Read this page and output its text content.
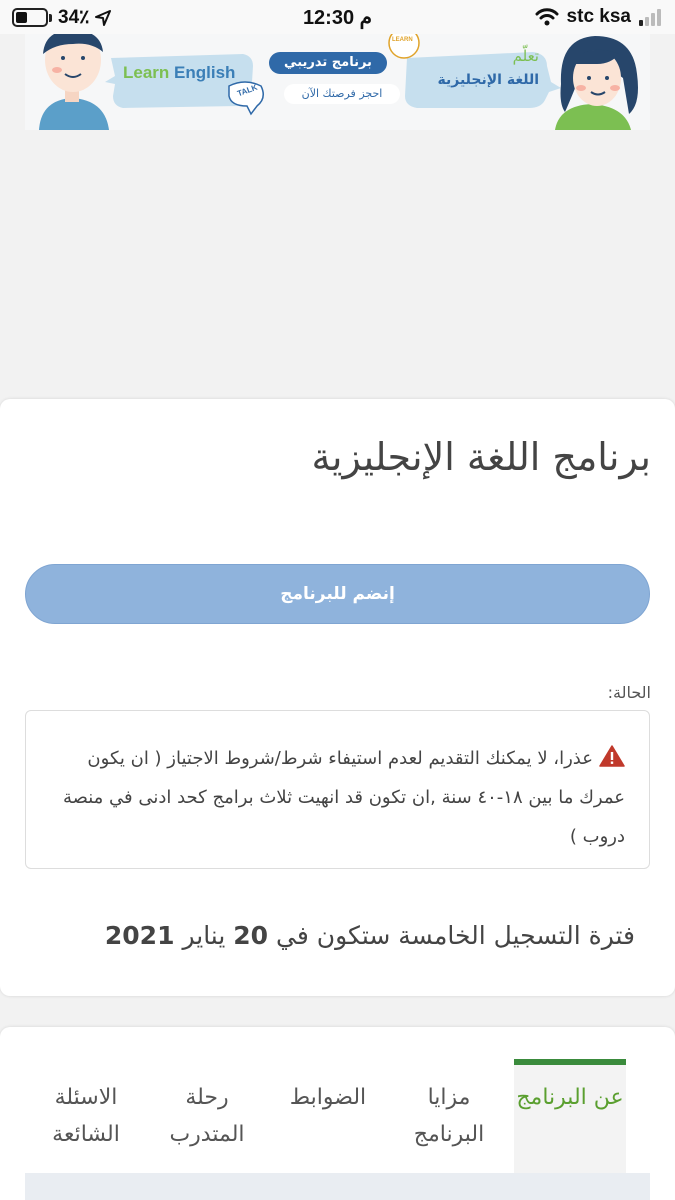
34٪	12:30 م	stc ksa
Learn English
برنامج تدريبي
احجز فرصتك الآن
تعلّم
اللغة الإنجليزية
TALK
LEARN
برنامج اللغة الإنجليزية
إنضم للبرنامج
الحالة:
عذرا، لا يمكنك التقديم لعدم استيفاء شرط/شروط الاجتياز ( ان يكون عمرك ما بين ١٨-٤٠ سنة ,ان تكون قد انهيت ثلاث برامج كحد ادنى في منصة دروب )
فترة التسجيل الخامسة ستكون في 20 يناير 2021
عن البرنامج
مزايا البرنامج
الضوابط
رحلة المتدرب
الاسئلة الشائعة
